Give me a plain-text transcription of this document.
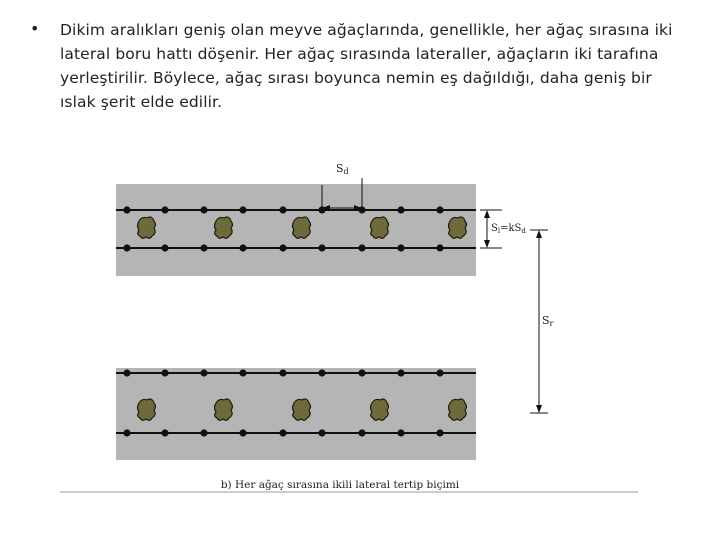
• Dikim aralıkları geniş olan meyve ağaçlarında, genellikle, her ağaç sırasına iki lateral boru hattı döşenir. Her ağaç sırasında lateraller, ağaçların iki tarafına yerleştirilir. Böylece, ağaç sırası boyunca nemin eş dağıldığı, daha geniş bir ıslak şerit elde edilir.
Sd
$S_l=kS_d$
Sr
b) Her ağaç sırasına ikili lateral tertip biçimi
